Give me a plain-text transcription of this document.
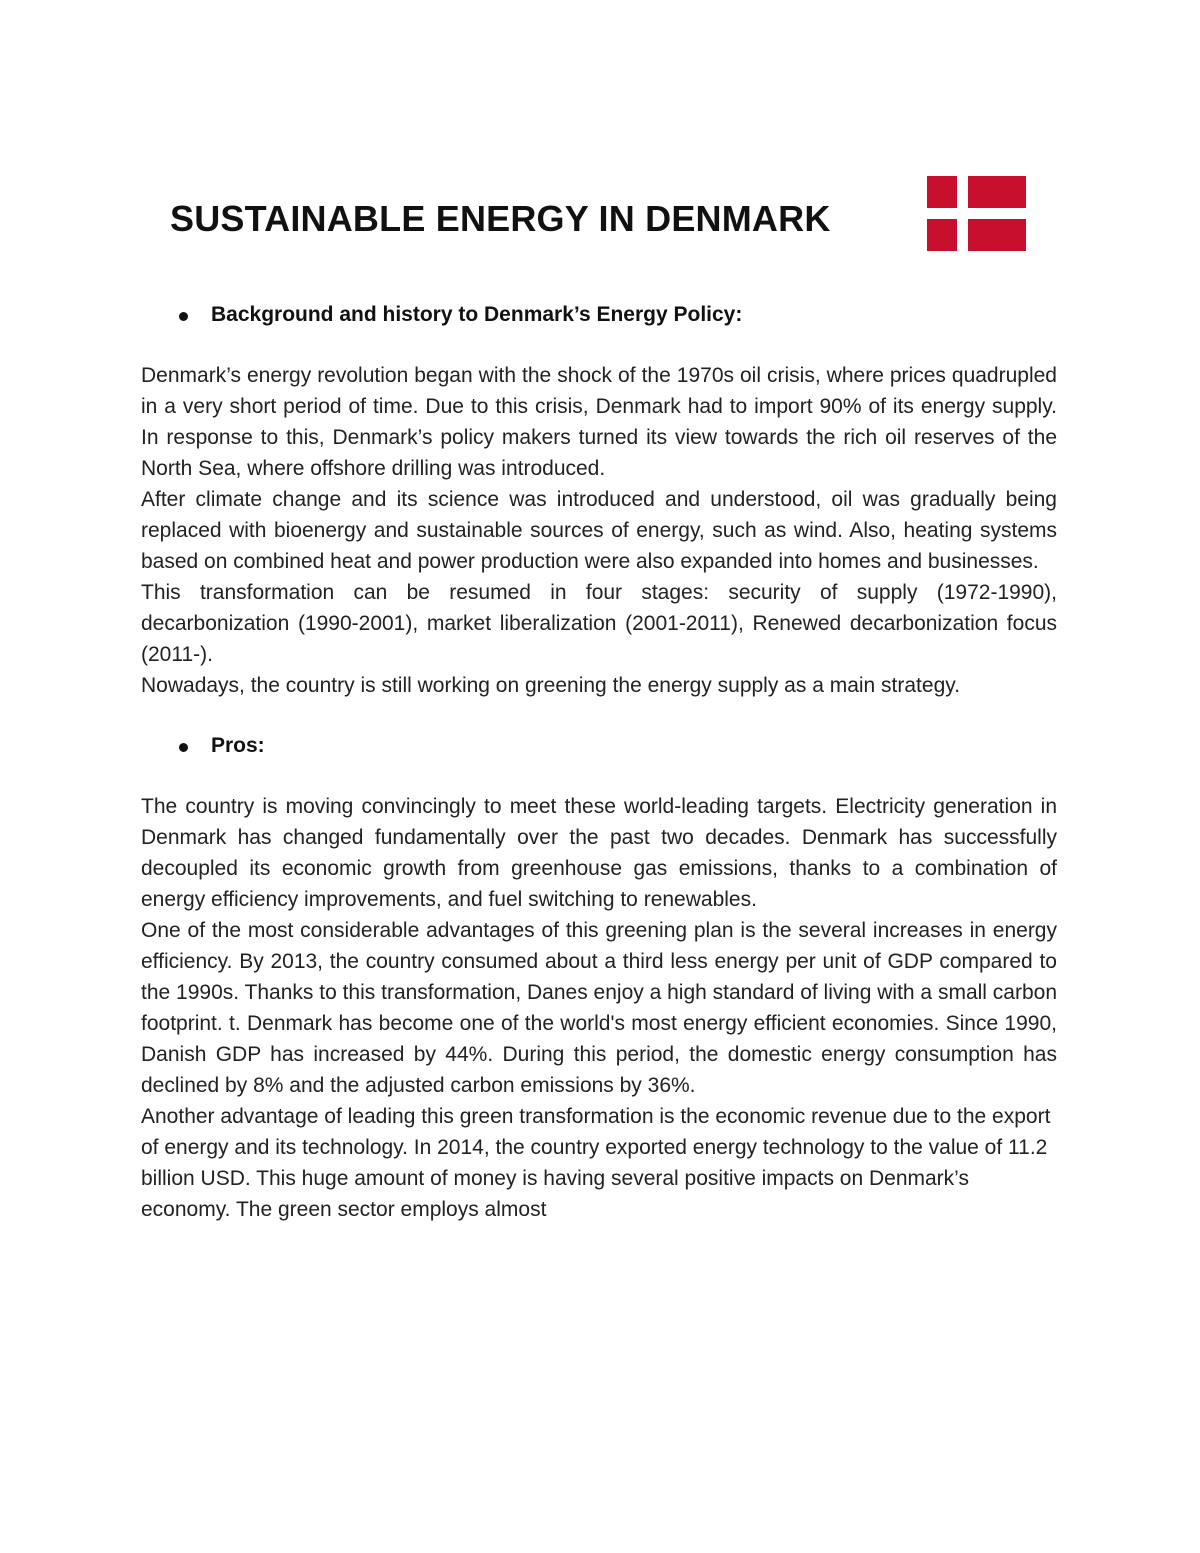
SUSTAINABLE ENERGY IN DENMARK

Background and history to Denmark’s Energy Policy:

Denmark’s energy revolution began with the shock of the 1970s oil crisis, where prices quadrupled in a very short period of time. Due to this crisis, Denmark had to import 90% of its energy supply. In response to this, Denmark’s policy makers turned its view towards the rich oil reserves of the North Sea, where offshore drilling was introduced.

After climate change and its science was introduced and understood, oil was gradually being replaced with bioenergy and sustainable sources of energy, such as wind. Also, heating systems based on combined heat and power production were also expanded into homes and businesses.

This transformation can be resumed in four stages: security of supply (1972-1990), decarbonization (1990-2001), market liberalization (2001-2011), Renewed decarbonization focus (2011-).

Nowadays, the country is still working on greening the energy supply as a main strategy.

Pros:

The country is moving convincingly to meet these world-leading targets. Electricity generation in Denmark has changed fundamentally over the past two decades. Denmark has successfully decoupled its economic growth from greenhouse gas emissions, thanks to a combination of energy efficiency improvements, and fuel switching to renewables.

One of the most considerable advantages of this greening plan is the several increases in energy efficiency. By 2013, the country consumed about a third less energy per unit of GDP compared to the 1990s. Thanks to this transformation, Danes enjoy a high standard of living with a small carbon footprint. t. Denmark has become one of the world's most energy efficient economies. Since 1990, Danish GDP has increased by 44%. During this period, the domestic energy consumption has declined by 8% and the adjusted carbon emissions by 36%.

Another advantage of leading this green transformation is the economic revenue due to the export of energy and its technology. In 2014, the country exported energy technology to the value of 11.2 billion USD. This huge amount of money is having several positive impacts on Denmark’s economy. The green sector employs almost
